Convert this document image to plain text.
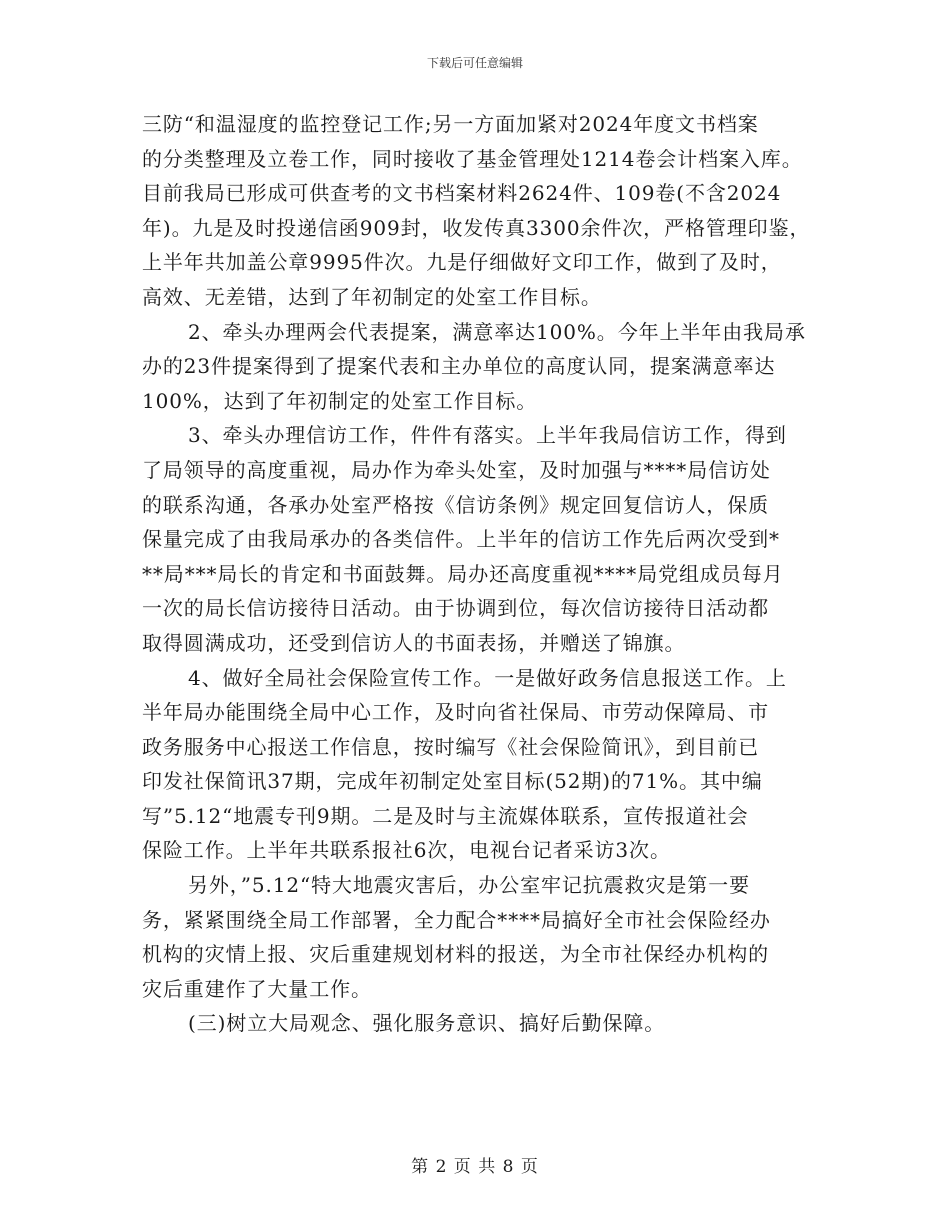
下载后可任意编辑
三防“和温湿度的监控登记工作;另一方面加紧对2024年度文书档案
的分类整理及立卷工作，同时接收了基金管理处1214卷会计档案入库。
目前我局已形成可供查考的文书档案材料2624件、109卷(不含2024
年)。九是及时投递信函909封，收发传真3300余件次，严格管理印鉴，
上半年共加盖公章9995件次。九是仔细做好文印工作，做到了及时，
高效、无差错，达到了年初制定的处室工作目标。
2、牵头办理两会代表提案，满意率达100%。今年上半年由我局承
办的23件提案得到了提案代表和主办单位的高度认同，提案满意率达
100%，达到了年初制定的处室工作目标。
3、牵头办理信访工作，件件有落实。上半年我局信访工作，得到
了局领导的高度重视，局办作为牵头处室，及时加强与****局信访处
的联系沟通，各承办处室严格按《信访条例》规定回复信访人，保质
保量完成了由我局承办的各类信件。上半年的信访工作先后两次受到*
**局***局长的肯定和书面鼓舞。局办还高度重视****局党组成员每月
一次的局长信访接待日活动。由于协调到位，每次信访接待日活动都
取得圆满成功，还受到信访人的书面表扬，并赠送了锦旗。
4、做好全局社会保险宣传工作。一是做好政务信息报送工作。上
半年局办能围绕全局中心工作，及时向省社保局、市劳动保障局、市
政务服务中心报送工作信息，按时编写《社会保险简讯》，到目前已
印发社保简讯37期，完成年初制定处室目标(52期)的71%。其中编
写”5.12“地震专刊9期。二是及时与主流媒体联系，宣传报道社会
保险工作。上半年共联系报社6次，电视台记者采访3次。
另外，”5.12“特大地震灾害后，办公室牢记抗震救灾是第一要
务，紧紧围绕全局工作部署，全力配合****局搞好全市社会保险经办
机构的灾情上报、灾后重建规划材料的报送，为全市社保经办机构的
灾后重建作了大量工作。
(三)树立大局观念、强化服务意识、搞好后勤保障。
第 2 页 共 8 页
